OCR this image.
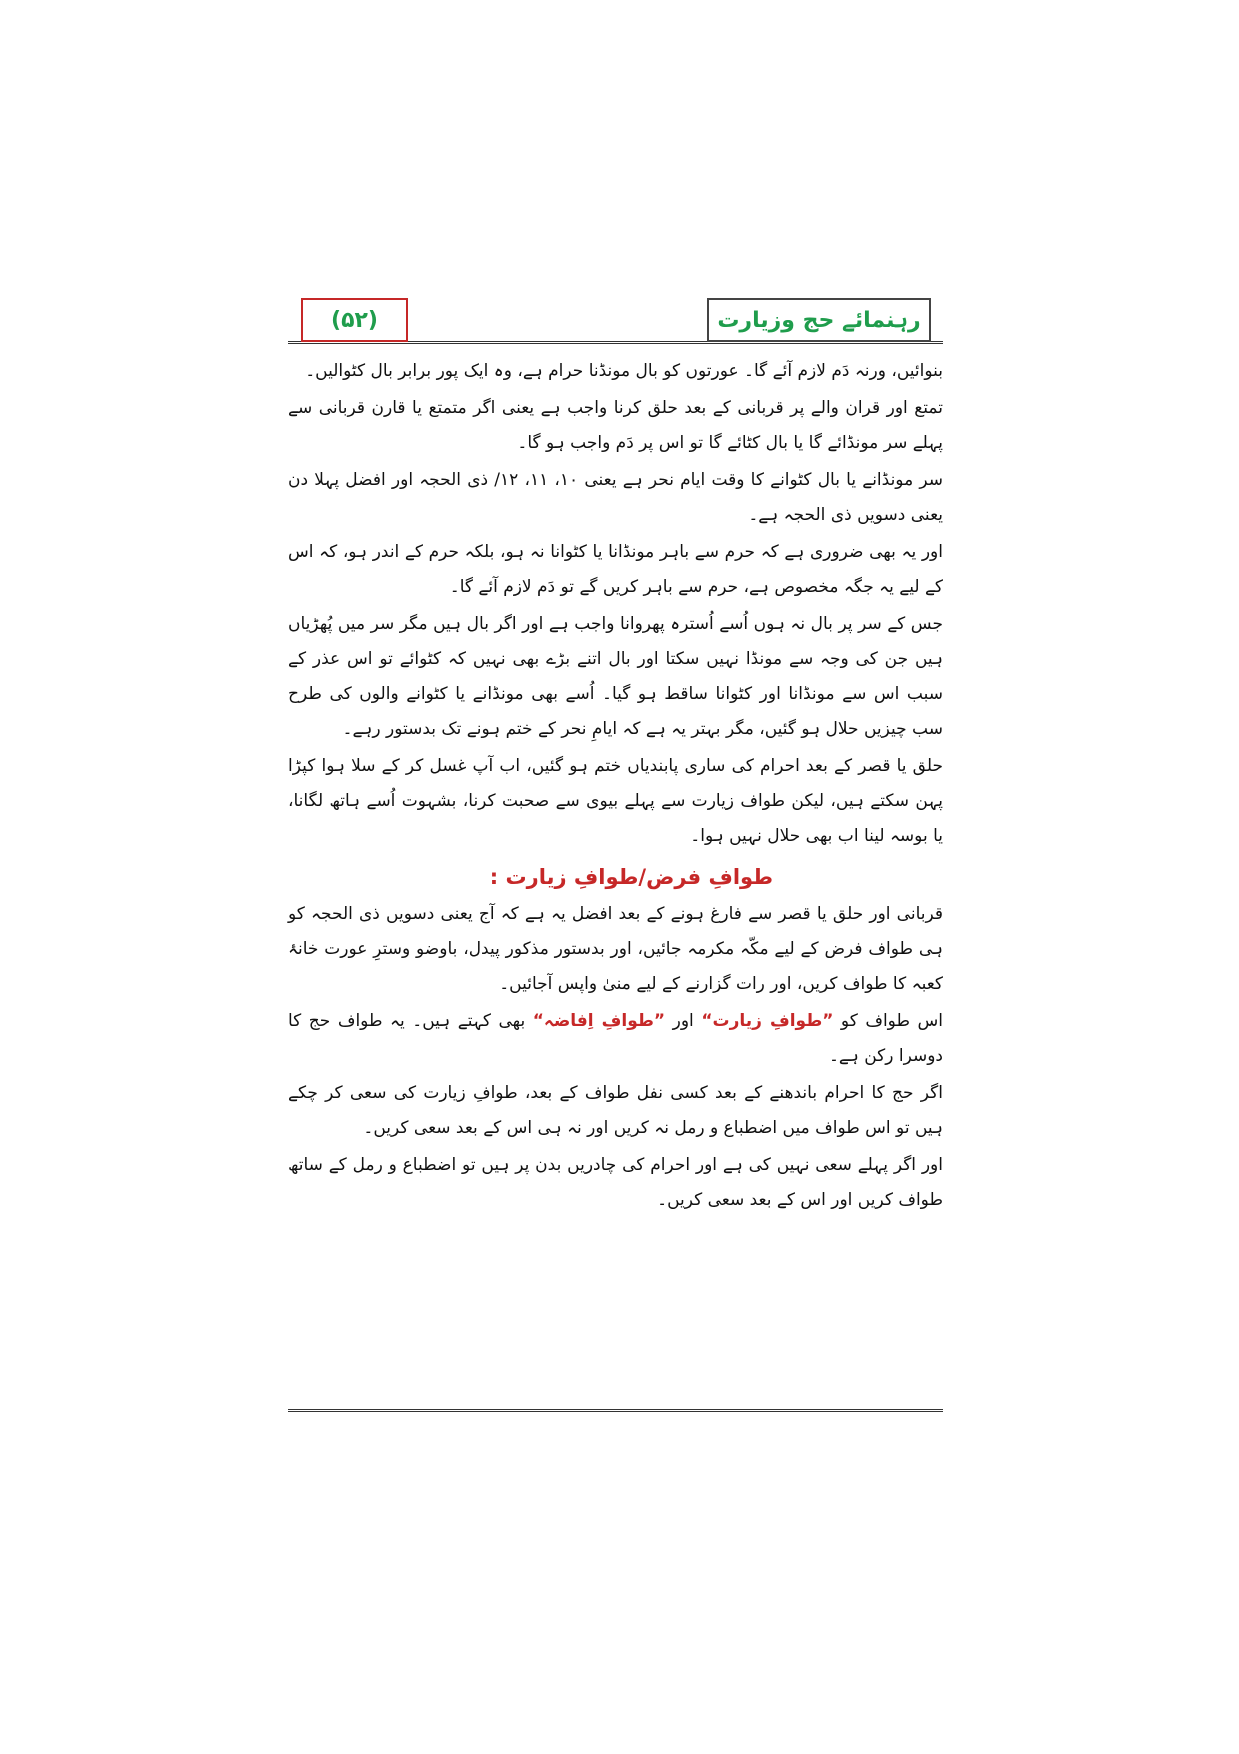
(۵۲)	رہنمائے حج وزیارت

بنوائیں، ورنہ دَم لازم آئے گا۔ عورتوں کو بال مونڈنا حرام ہے، وہ ایک پور برابر بال کٹوالیں۔

تمتع اور قران والے پر قربانی کے بعد حلق کرنا واجب ہے یعنی اگر متمتع یا قارن قربانی سے پہلے سر مونڈائے گا یا بال کٹائے گا تو اس پر دَم واجب ہو گا۔

سر مونڈانے یا بال کٹوانے کا وقت ایام نحر ہے یعنی ۱۰، ۱۱، ۱۲/ ذی الحجہ اور افضل پہلا دن یعنی دسویں ذی الحجہ ہے۔

اور یہ بھی ضروری ہے کہ حرم سے باہر مونڈانا یا کٹوانا نہ ہو، بلکہ حرم کے اندر ہو، کہ اس کے لیے یہ جگہ مخصوص ہے، حرم سے باہر کریں گے تو دَم لازم آئے گا۔

جس کے سر پر بال نہ ہوں اُسے اُسترہ پھروانا واجب ہے اور اگر بال ہیں مگر سر میں پُھڑیاں ہیں جن کی وجہ سے مونڈا نہیں سکتا اور بال اتنے بڑے بھی نہیں کہ کٹوائے تو اس عذر کے سبب اس سے مونڈانا اور کٹوانا ساقط ہو گیا۔ اُسے بھی مونڈانے یا کٹوانے والوں کی طرح سب چیزیں حلال ہو گئیں، مگر بہتر یہ ہے کہ ایامِ نحر کے ختم ہونے تک بدستور رہے۔

حلق یا قصر کے بعد احرام کی ساری پابندیاں ختم ہو گئیں، اب آپ غسل کر کے سلا ہوا کپڑا پہن سکتے ہیں، لیکن طواف زیارت سے پہلے بیوی سے صحبت کرنا، بشہوت اُسے ہاتھ لگانا، یا بوسہ لینا اب بھی حلال نہیں ہوا۔

طوافِ فرض/طوافِ زیارت :

قربانی اور حلق یا قصر سے فارغ ہونے کے بعد افضل یہ ہے کہ آج یعنی دسویں ذی الحجہ کو ہی طواف فرض کے لیے مکّہ مکرمہ جائیں، اور بدستور مذکور پیدل، باوضو وسترِ عورت خانۂ کعبہ کا طواف کریں، اور رات گزارنے کے لیے منیٰ واپس آجائیں۔

اس طواف کو ”طوافِ زیارت“ اور ”طوافِ اِفاضہ“ بھی کہتے ہیں۔ یہ طواف حج کا دوسرا رکن ہے۔

اگر حج کا احرام باندھنے کے بعد کسی نفل طواف کے بعد، طوافِ زیارت کی سعی کر چکے ہیں تو اس طواف میں اضطباع و رمل نہ کریں اور نہ ہی اس کے بعد سعی کریں۔

اور اگر پہلے سعی نہیں کی ہے اور احرام کی چادریں بدن پر ہیں تو اضطباع و رمل کے ساتھ طواف کریں اور اس کے بعد سعی کریں۔
